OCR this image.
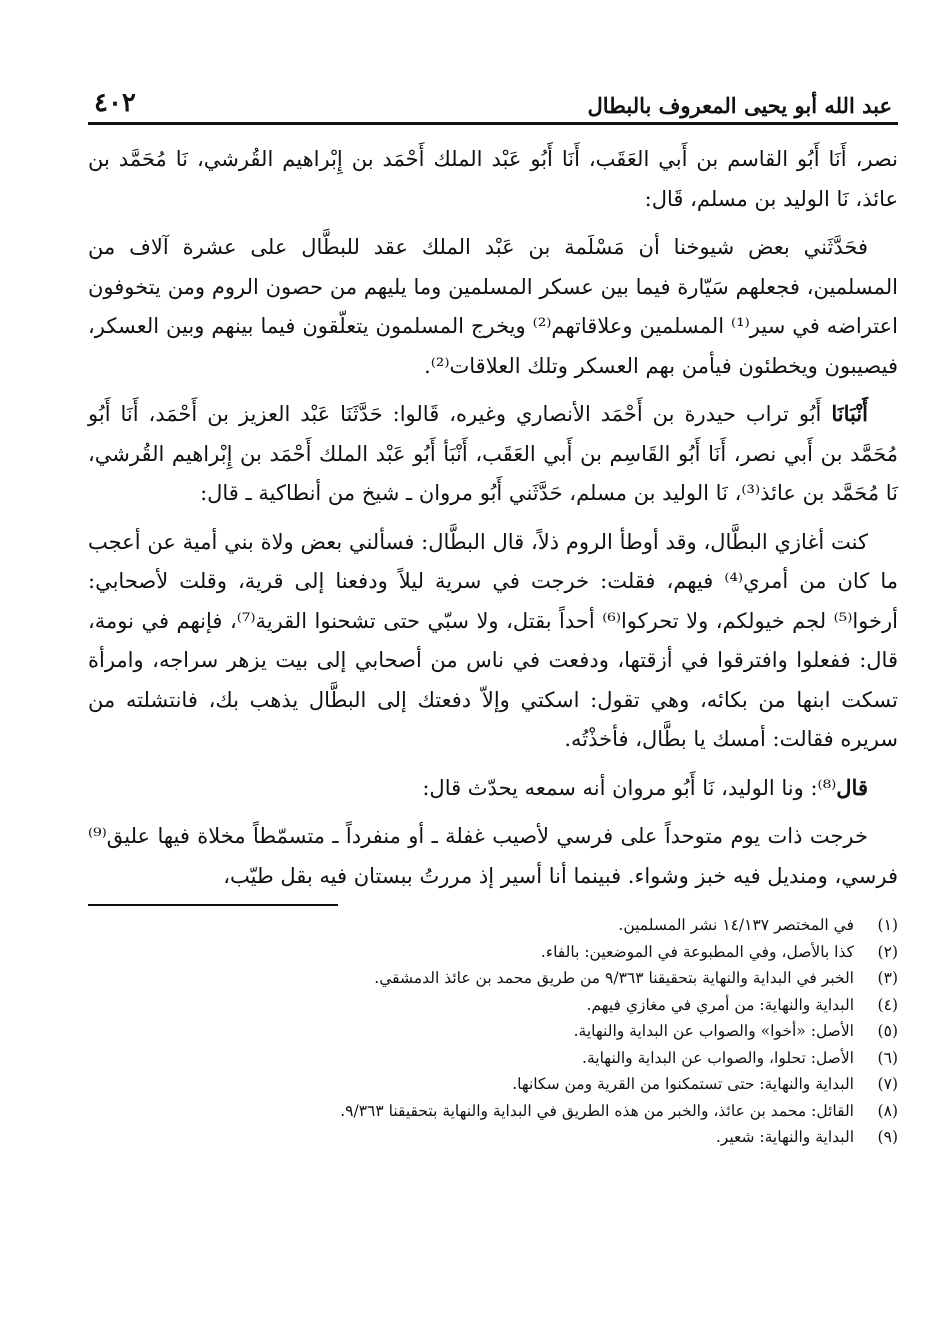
عبد الله أبو يحيى المعروف بالبطال
٤٠٢

نصر، أَنَا أَبُو القاسم بن أَبي العَقَب، أَنَا أَبُو عَبْد الملك أَحْمَد بن إِبْراهيم القُرشي، نَا مُحَمَّد بن عائذ، نَا الوليد بن مسلم، قَال:

فحَدَّثَني بعض شيوخنا أن مَسْلَمة بن عَبْد الملك عقد للبطَّال على عشرة آلاف من المسلمين، فجعلهم سَيّارة فيما بين عسكر المسلمين وما يليهم من حصون الروم ومن يتخوفون اعتراضه في سير⁽¹⁾ المسلمين وعلاقاتهم⁽²⁾ ويخرج المسلمون يتعلّقون فيما بينهم وبين العسكر، فيصيبون ويخطئون فيأمن بهم العسكر وتلك العلاقات⁽²⁾.

أَنْبَانَا أَبُو تراب حيدرة بن أَحْمَد الأنصاري وغيره، قَالوا: حَدَّثَنَا عَبْد العزيز بن أَحْمَد، أَنَا أَبُو مُحَمَّد بن أَبي نصر، أَنَا أَبُو القَاسِم بن أَبي العَقَب، أَنْبَأ أَبُو عَبْد الملك أَحْمَد بن إِبْراهيم القُرشي، نَا مُحَمَّد بن عائذ⁽³⁾، نَا الوليد بن مسلم، حَدَّثَني أَبُو مروان ـ شيخ من أنطاكية ـ قال:

كنت أغازي البطَّال، وقد أوطأ الروم ذلاً، قال البطَّال: فسألني بعض ولاة بني أمية عن أعجب ما كان من أمري⁽⁴⁾ فيهم، فقلت: خرجت في سرية ليلاً ودفعنا إلى قرية، وقلت لأصحابي: أرخوا⁽⁵⁾ لجم خيولكم، ولا تحركوا⁽⁶⁾ أحداً بقتل، ولا سبّي حتى تشحنوا القرية⁽⁷⁾، فإنهم في نومة، قال: ففعلوا وافترقوا في أزقتها، ودفعت في ناس من أصحابي إلى بيت يزهر سراجه، وامرأة تسكت ابنها من بكائه، وهي تقول: اسكتي وإلاّ دفعتك إلى البطَّال يذهب بك، فانتشلته من سريره فقالت: أمسك يا بطَّال، فأخذْتُه.

قال⁽⁸⁾: ونا الوليد، نَا أَبُو مروان أنه سمعه يحدّث قال:

خرجت ذات يوم متوحداً على فرسي لأصيب غفلة ـ أو منفرداً ـ متسمّطاً مخلاة فيها عليق⁽⁹⁾ فرسي، ومنديل فيه خبز وشواء. فبينما أنا أسير إذ مررتُ ببستان فيه بقل طيّب،

(١)
في المختصر ١٤/١٣٧ نشر المسلمين.
(٢)
كذا بالأصل، وفي المطبوعة في الموضعين: بالفاء.
(٣)
الخبر في البداية والنهاية بتحقيقنا ٩/٣٦٣ من طريق محمد بن عائذ الدمشقي.
(٤)
البداية والنهاية: من أمري في مغازي فيهم.
(٥)
الأصل: «أخوا» والصواب عن البداية والنهاية.
(٦)
الأصل: تحلوا، والصواب عن البداية والنهاية.
(٧)
البداية والنهاية: حتى تستمكنوا من القرية ومن سكانها.
(٨)
القائل: محمد بن عائذ، والخبر من هذه الطريق في البداية والنهاية بتحقيقنا ٩/٣٦٣.
(٩)
البداية والنهاية: شعير.
